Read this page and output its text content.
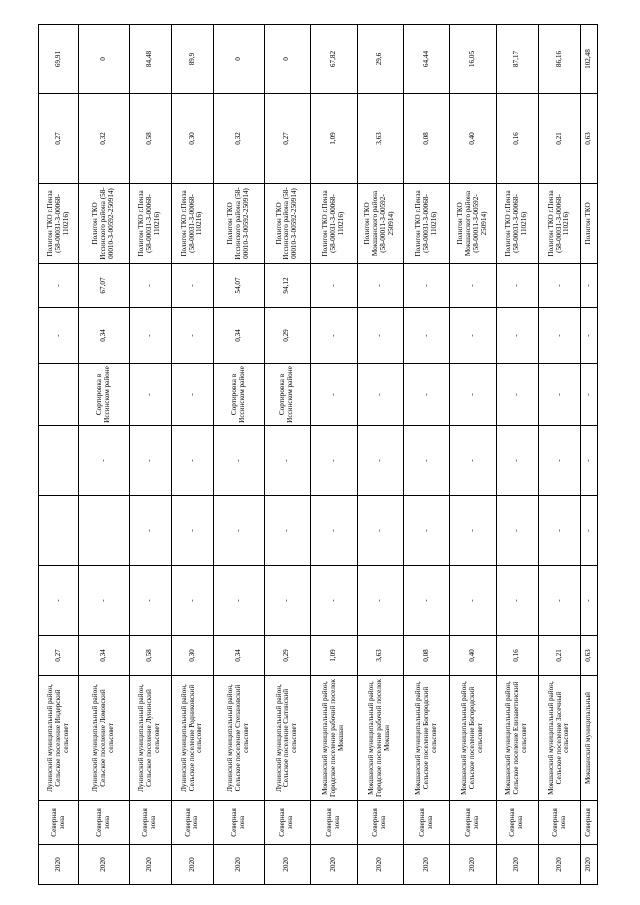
2020	Северная зона	Лунинский муниципальный район, Сельское поселение Индерский сельсовет	0,27	-				-	-	Полигон ТКО г.Пенза (58-00031-З-00068-110216)	0,27	69,91
2020	Северная зона	Лунинский муниципальный район, Сельское поселение Ломовский сельсовет	0,34	-		-	Сортировка в Иссинском районе	0,34	67,07	Полигон ТКО Иссинского района (58-00010-З-00592-250914)	0,32	0
2020	Северная зона	Лунинский муниципальный район, Сельское поселение Лунинский сельсовет	0,58	-	-	-	-	-	-	Полигон ТКО г.Пенза (58-00031-З-00068-110216)	0,58	84,48
2020	Северная зона	Лунинский муниципальный район, Сельское поселение Родниковский сельсовет	0,30	-	-	-	-	-	-	Полигон ТКО г.Пенза (58-00031-З-00068-110216)	0,30	89,9
2020	Северная зона	Лунинский муниципальный район, Сельское поселение Степановский сельсовет	0,34	-	-	-	Сортировка в Иссинском районе	0,34	54,07	Полигон ТКО Иссинского района (58-00010-З-00592-250914)	0,32	0
2020	Северная зона	Лунинский муниципальный район, Сельское поселение Сытинский сельсовет	0,29	-	-	-	Сортировка в Иссинском районе	0,29	94,12	Полигон ТКО Иссинского района (58-00010-З-00592-250914)	0,27	0
2020	Северная зона	Мокшанский муниципальный район, Городское поселение рабочий поселок Мокшан	1,09	-	-	-	-	-	-	Полигон ТКО г.Пенза (58-00031-З-00068-110216)	1,09	67,82
2020	Северная зона	Мокшанский муниципальный район, Городское поселение рабочий поселок Мокшан	3,63	-	-	-	-	-	-	Полигон ТКО Мокшанского района (58-00011-З-00592-250914)	3,63	29,6
2020	Северная зона	Мокшанский муниципальный район, Сельское поселение Богородский сельсовет	0,08	-	-	-	-	-	-	Полигон ТКО г.Пенза (58-00031-З-00068-110216)	0,08	64,44
2020	Северная зона	Мокшанский муниципальный район, Сельское поселение Богородский сельсовет	0,40	-	-	-	-	-	-	Полигон ТКО Мокшанского района (58-00011-З-00592-250914)	0,40	16,05
2020	Северная зона	Мокшанский муниципальный район, Сельское поселение Елизаветинский сельсовет	0,16	-	-	-	-	-	-	Полигон ТКО г.Пенза (58-00031-З-00068-110216)	0,16	87,17
2020	Северная зона	Мокшанский муниципальный район, Сельское поселение Засечный сельсовет	0,21	-	-	-	-	-	-	Полигон ТКО г.Пенза (58-00031-З-00068-110216)	0,21	86,16
2020	Северная	Мокшанский муниципальный	0,63	-	-	-	-	-	-	Полигон ТКО	0,63	102,48
